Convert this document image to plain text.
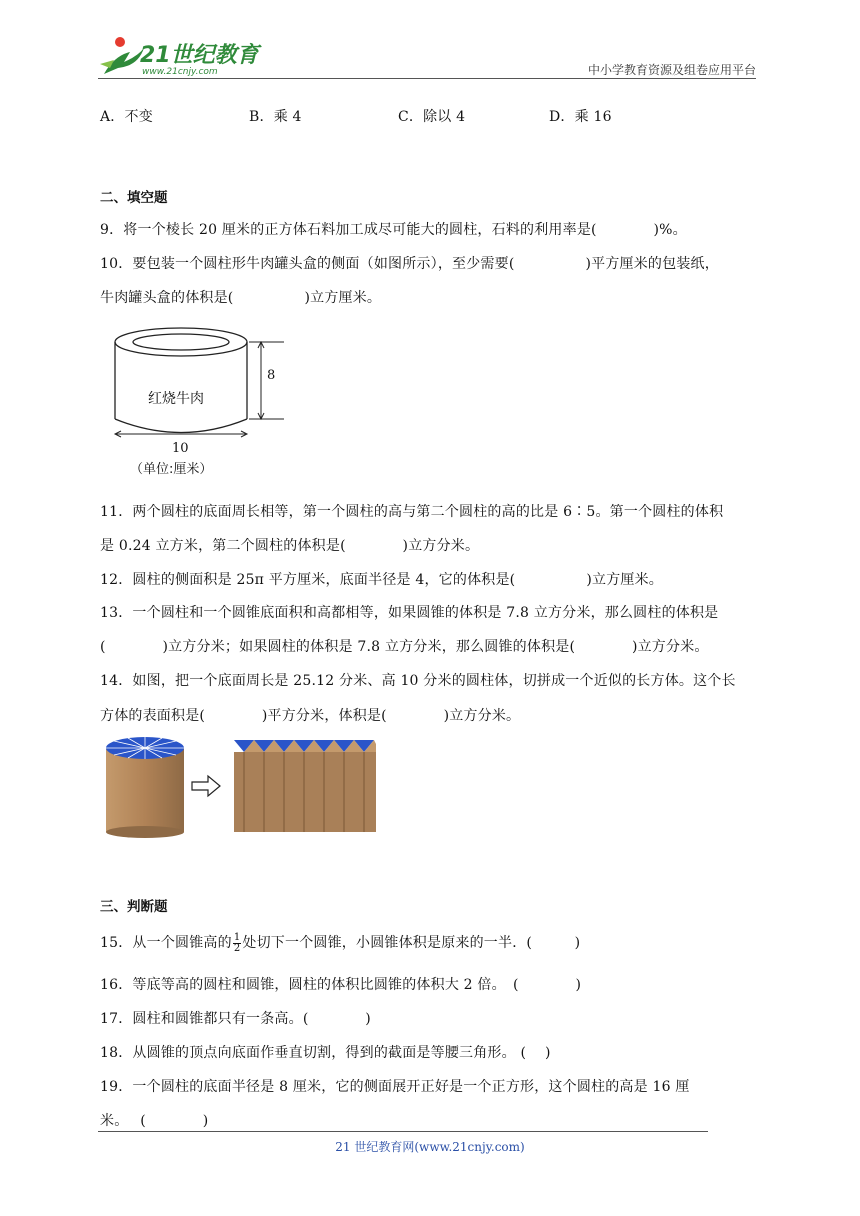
21世纪教育
www.21cnjy.com	中小学教育资源及组卷应用平台
A．不变	B．乘 4	C．除以 4	D．乘 16
二、填空题
9．将一个棱长 20 厘米的正方体石料加工成尽可能大的圆柱，石料的利用率是(　　　　)%。
10．要包装一个圆柱形牛肉罐头盒的侧面（如图所示），至少需要(　　　　　)平方厘米的包装纸，
牛肉罐头盒的体积是(　　　　　)立方厘米。
红烧牛肉
8
10
（单位:厘米）
11．两个圆柱的底面周长相等，第一个圆柱的高与第二个圆柱的高的比是 6∶5。第一个圆柱的体积
是 0.24 立方米，第二个圆柱的体积是(　　　　)立方分米。
12．圆柱的侧面积是 25π 平方厘米，底面半径是 4，它的体积是(　　　　　)立方厘米。
13．一个圆柱和一个圆锥底面积和高都相等，如果圆锥的体积是 7.8 立方分米，那么圆柱的体积是
(　　　　)立方分米；如果圆柱的体积是 7.8 立方分米，那么圆锥的体积是(　　　　)立方分米。
14．如图，把一个底面周长是 25.12 分米、高 10 分米的圆柱体，切拼成一个近似的长方体。这个长
方体的表面积是(　　　　)平方分米，体积是(　　　　)立方分米。
三、判断题
15．从一个圆锥高的 $\frac{1}{2}$ 处切下一个圆锥，小圆锥体积是原来的一半．(　　　)
16．等底等高的圆柱和圆锥，圆柱的体积比圆锥的体积大 2 倍。　(　　　　)
17．圆柱和圆锥都只有一条高。(　　　　)
18．从圆锥的顶点向底面作垂直切割，得到的截面是等腰三角形。 (　 )
19．一个圆柱的底面半径是 8 厘米，它的侧面展开正好是一个正方形，这个圆柱的高是 16 厘
米。　 (　　　　)
21 世纪教育网(www.21cnjy.com)
